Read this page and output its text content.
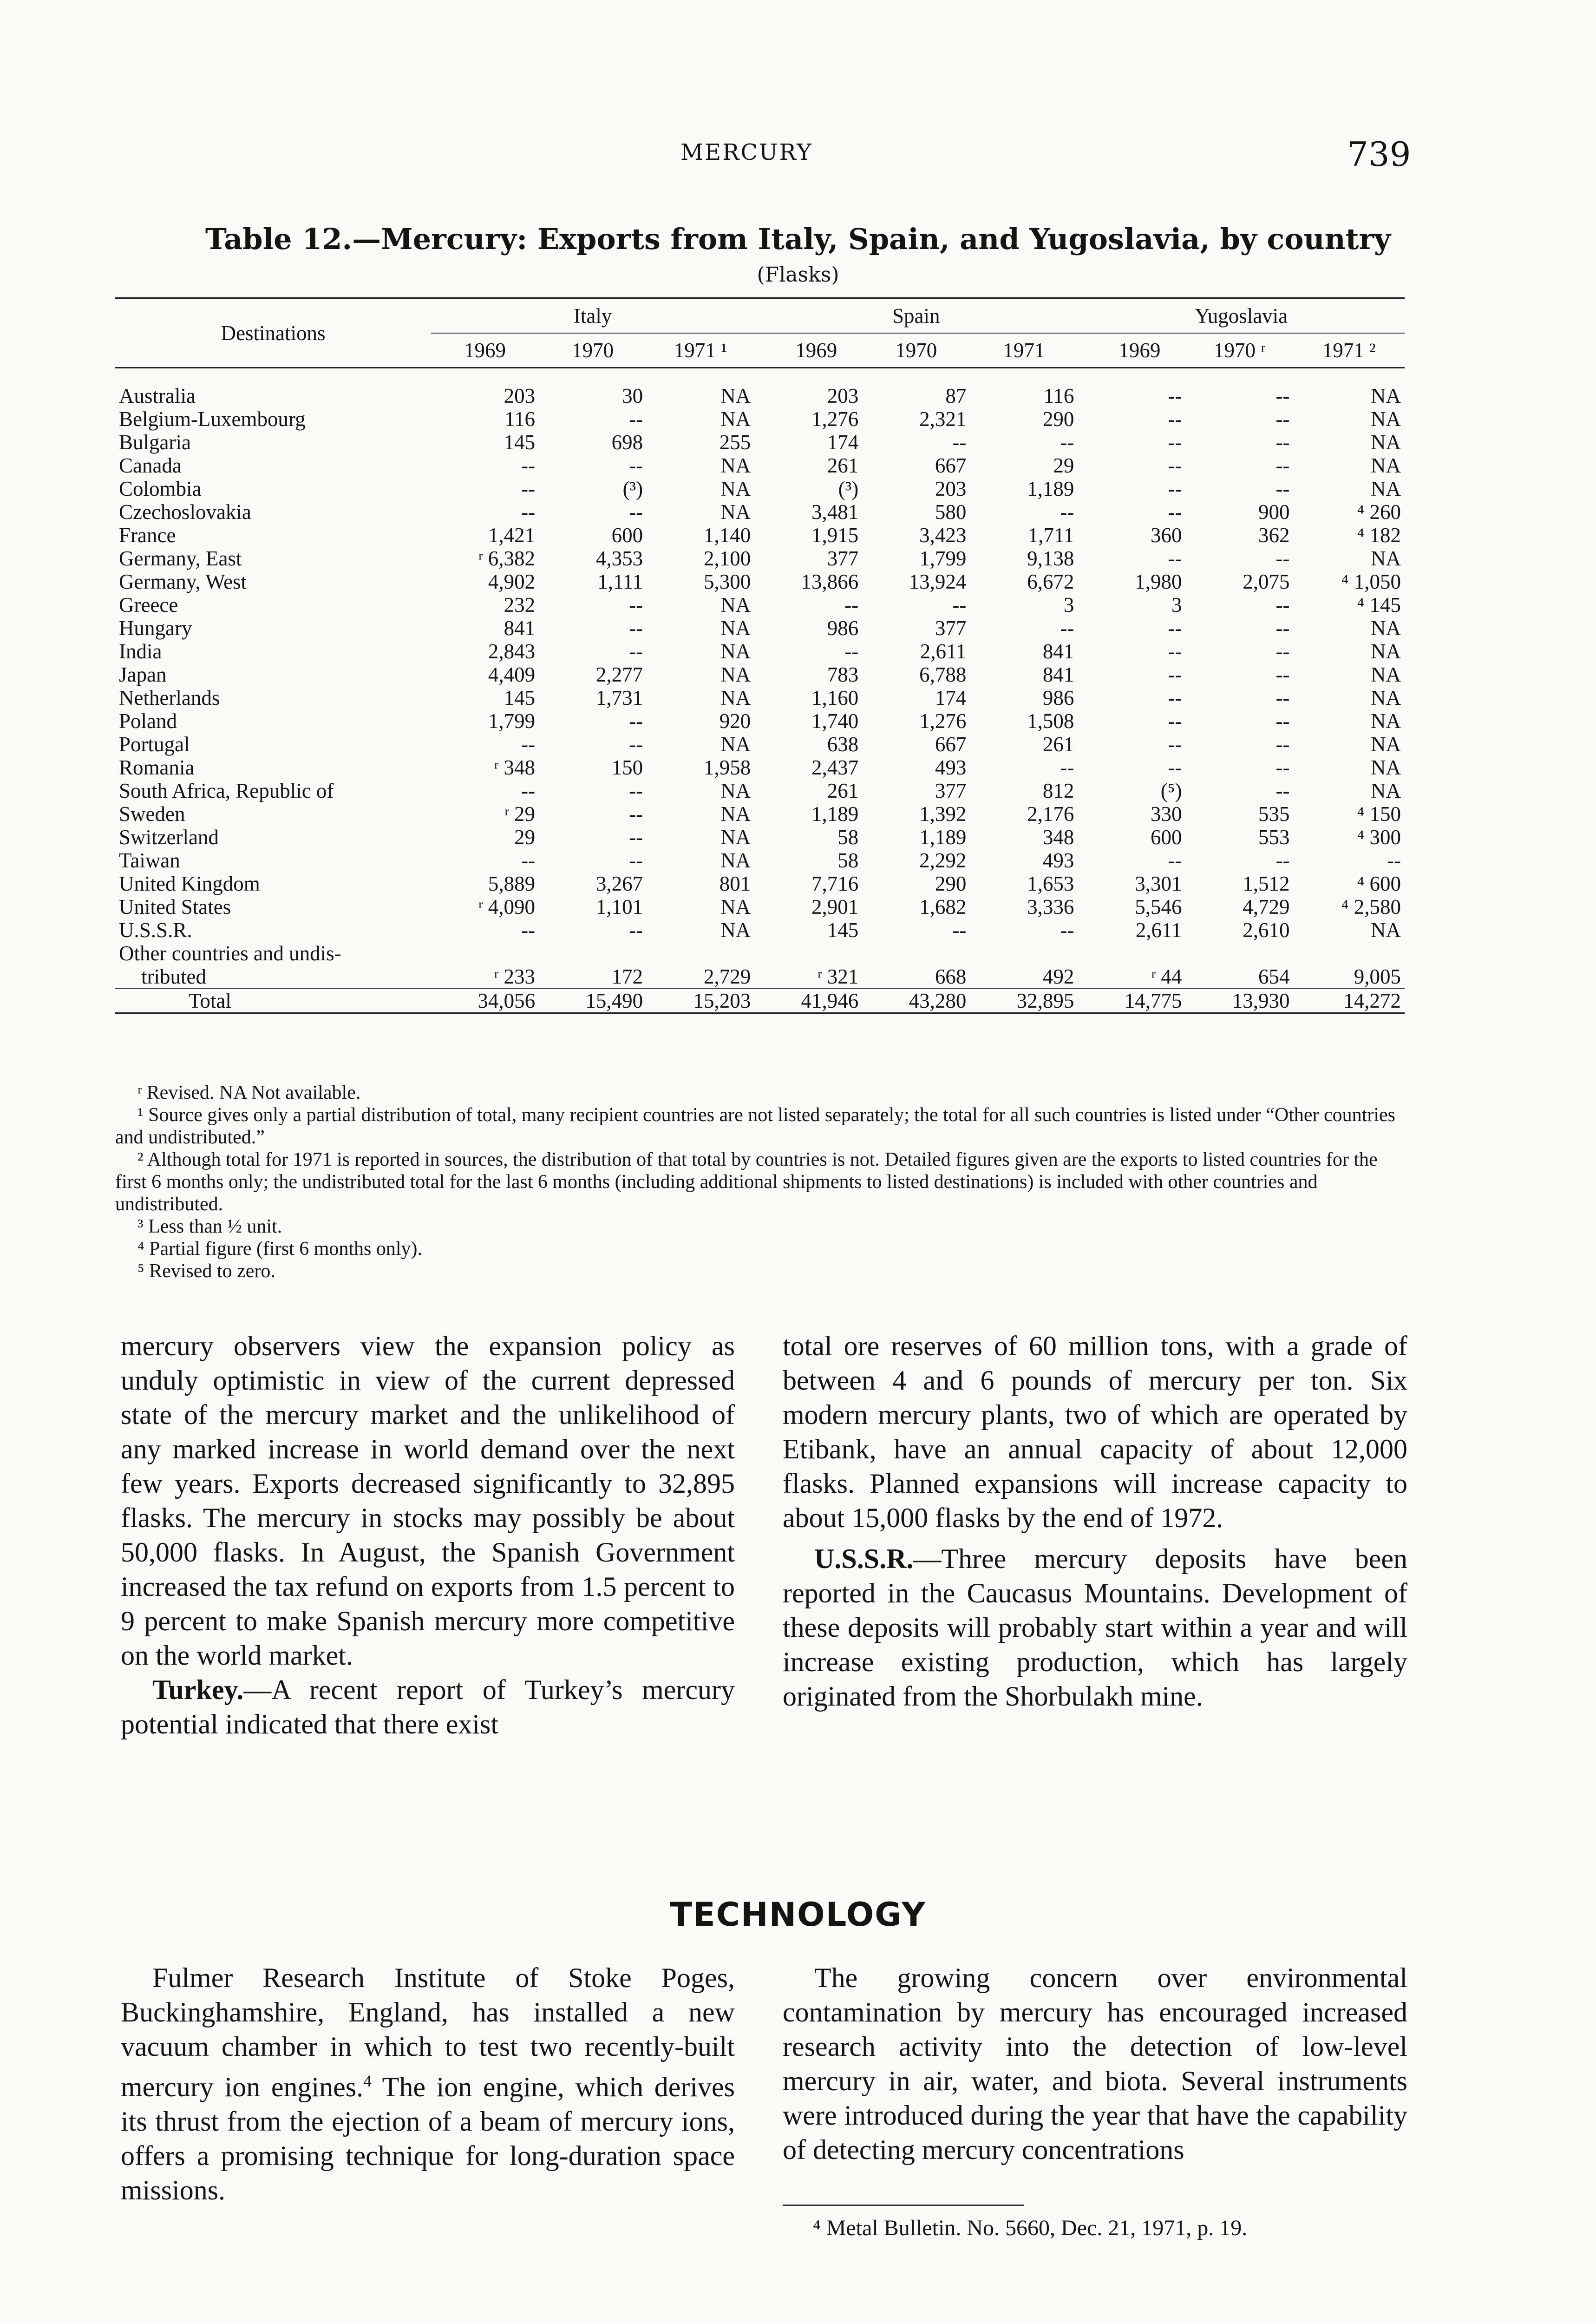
MERCURY	739
Table 12.—Mercury: Exports from Italy, Spain, and Yugoslavia, by country
(Flasks)
Destinations	Italy			Spain			Yugoslavia		
	1969	1970	1971 ¹	1969	1970	1971	1969	1970 ʳ	1971 ²

Australia	203	30	NA	203	87	116	--	--	NA

Belgium-Luxembourg	116	--	NA	1,276	2,321	290	--	--	NA

Bulgaria	145	698	255	174	--	--	--	--	NA

Canada	--	--	NA	261	667	29	--	--	NA

Colombia	--	(³)	NA	(³)	203	1,189	--	--	NA

Czechoslovakia	--	--	NA	3,481	580	--	--	900	⁴ 260

France	1,421	600	1,140	1,915	3,423	1,711	360	362	⁴ 182

Germany, East	ʳ 6,382	4,353	2,100	377	1,799	9,138	--	--	NA

Germany, West	4,902	1,111	5,300	13,866	13,924	6,672	1,980	2,075	⁴ 1,050

Greece	232	--	NA	--	--	3	3	--	⁴ 145

Hungary	841	--	NA	986	377	--	--	--	NA

India	2,843	--	NA	--	2,611	841	--	--	NA

Japan	4,409	2,277	NA	783	6,788	841	--	--	NA

Netherlands	145	1,731	NA	1,160	174	986	--	--	NA

Poland	1,799	--	920	1,740	1,276	1,508	--	--	NA

Portugal	--	--	NA	638	667	261	--	--	NA

Romania	ʳ 348	150	1,958	2,437	493	--	--	--	NA

South Africa, Republic of	--	--	NA	261	377	812	(⁵)	--	NA

Sweden	ʳ 29	--	NA	1,189	1,392	2,176	330	535	⁴ 150

Switzerland	29	--	NA	58	1,189	348	600	553	⁴ 300

Taiwan	--	--	NA	58	2,292	493	--	--	--

United Kingdom	5,889	3,267	801	7,716	290	1,653	3,301	1,512	⁴ 600

United States	ʳ 4,090	1,101	NA	2,901	1,682	3,336	5,546	4,729	⁴ 2,580

U.S.S.R.	--	--	NA	145	--	--	2,611	2,610	NA

Other countries and undis-
tributed	ʳ 233	172	2,729	ʳ 321	668	492	ʳ 44	654	9,005

Total	34,056	15,490	15,203	41,946	43,280	32,895	14,775	13,930	14,272

ʳ Revised. NA Not available.

¹ Source gives only a partial distribution of total, many recipient countries are not listed separately; the total for all such countries is listed under “Other countries and undistributed.”

² Although total for 1971 is reported in sources, the distribution of that total by countries is not. Detailed figures given are the exports to listed countries for the first 6 months only; the undistributed total for the last 6 months (including additional shipments to listed destinations) is included with other countries and undistributed.

³ Less than ½ unit.

⁴ Partial figure (first 6 months only).

⁵ Revised to zero.

mercury observers view the expansion policy as unduly optimistic in view of the current depressed state of the mercury market and the unlikelihood of any marked increase in world demand over the next few years. Exports decreased significantly to 32,895 flasks. The mercury in stocks may possibly be about 50,000 flasks. In August, the Spanish Government increased the tax refund on exports from 1.5 percent to 9 percent to make Spanish mercury more competitive on the world market.

Turkey.—A recent report of Turkey’s mercury potential indicated that there exist

total ore reserves of 60 million tons, with a grade of between 4 and 6 pounds of mercury per ton. Six modern mercury plants, two of which are operated by Etibank, have an annual capacity of about 12,000 flasks. Planned expansions will increase capacity to about 15,000 flasks by the end of 1972.

U.S.S.R.—Three mercury deposits have been reported in the Caucasus Mountains. Development of these deposits will probably start within a year and will increase existing production, which has largely originated from the Shorbulakh mine.

TECHNOLOGY

Fulmer Research Institute of Stoke Poges, Buckinghamshire, England, has installed a new vacuum chamber in which to test two recently-built mercury ion engines.$^4$ The ion engine, which derives its thrust from the ejection of a beam of mercury ions, offers a promising technique for long-duration space missions.

The growing concern over environmental contamination by mercury has encouraged increased research activity into the detection of low-level mercury in air, water, and biota. Several instruments were introduced during the year that have the capability of detecting mercury concentrations

⁴ Metal Bulletin. No. 5660, Dec. 21, 1971, p. 19.
